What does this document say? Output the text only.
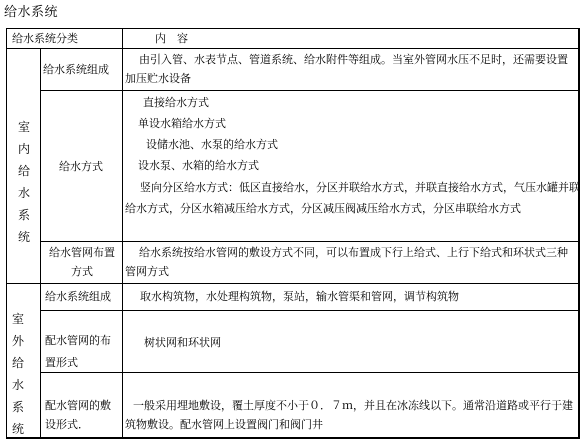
给水系统
给水系统分类	内　容
室
内
给
水
系
统
给水系统组成
由引入管、水表节点、管道系统、给水附件等组成。当室外管网水压不足时，还需要设置加压贮水设备
给水方式
直接给水方式
单设水箱给水方式
设储水池、水泵的给水方式
设水泵、水箱的给水方式
竖向分区给水方式：低区直接给水，分区并联给水方式，并联直接给水方式，气压水罐并联给水方式，分区水箱减压给水方式，分区减压阀减压给水方式，分区串联给水方式
给水管网布置方式
给水系统按给水管网的敷设方式不同，可以布置成下行上给式、上行下给式和环状式三种管网方式
室
外
给
水
系
统
给水系统组成	取水构筑物，水处理构筑物，泵站，输水管渠和管网，调节构筑物
配水管网的布置形式
树状网和环状网
配水管网的敷设形式．
一般采用埋地敷设，覆土厚度不小于０．７ｍ，并且在冰冻线以下。通常沿道路或平行于建筑物敷设。配水管网上设置阀门和阀门井
